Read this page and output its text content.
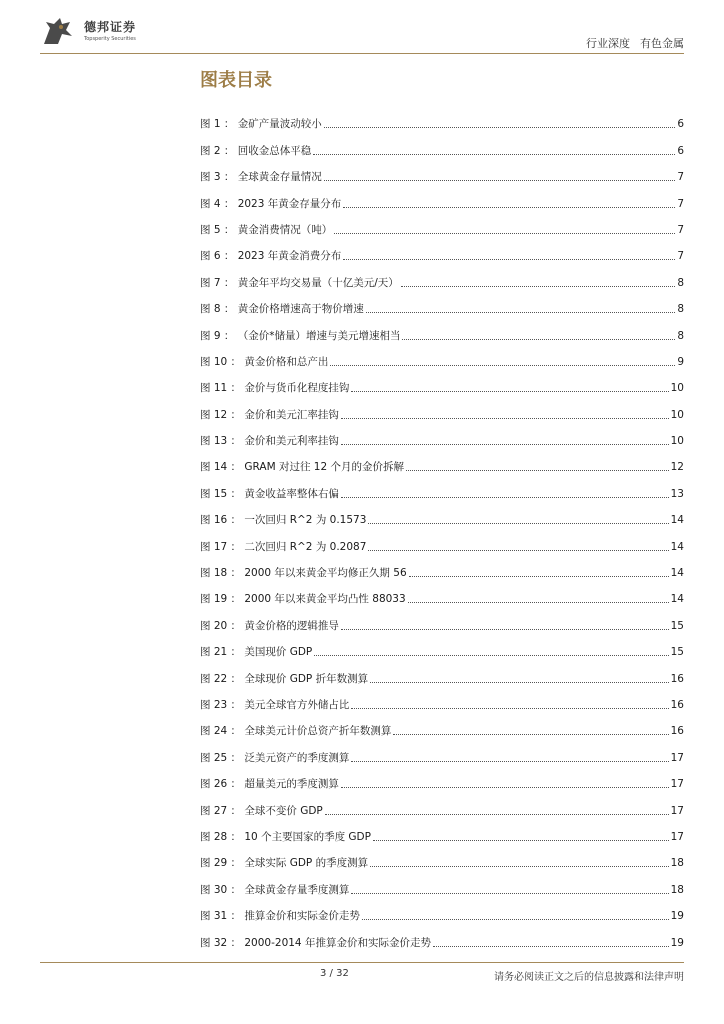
德邦证券
Topsperity Securities	行业深度 有色金属
图表目录
图 1 ： 金矿产量波动较小	6
图 2 ： 回收金总体平稳	6
图 3 ： 全球黄金存量情况	7
图 4 ： 2023 年黄金存量分布	7
图 5 ： 黄金消费情况（吨）	7
图 6 ： 2023 年黄金消费分布	7
图 7 ： 黄金年平均交易量（十亿美元/天）	8
图 8 ： 黄金价格增速高于物价增速	8
图 9 ： （金价*储量）增速与美元增速相当	8
图 10 ： 黄金价格和总产出	9
图 11 ： 金价与货币化程度挂钩	10
图 12 ： 金价和美元汇率挂钩	10
图 13 ： 金价和美元利率挂钩	10
图 14 ： GRAM 对过往 12 个月的金价拆解	12
图 15 ： 黄金收益率整体右偏	13
图 16 ： 一次回归 R^2 为 0.1573	14
图 17 ： 二次回归 R^2 为 0.2087	14
图 18 ： 2000 年以来黄金平均修正久期 56	14
图 19 ： 2000 年以来黄金平均凸性 88033	14
图 20 ： 黄金价格的逻辑推导	15
图 21 ： 美国现价 GDP	15
图 22 ： 全球现价 GDP 折年数测算	16
图 23 ： 美元全球官方外储占比	16
图 24 ： 全球美元计价总资产折年数测算	16
图 25 ： 泛美元资产的季度测算	17
图 26 ： 超量美元的季度测算	17
图 27 ： 全球不变价 GDP	17
图 28 ： 10 个主要国家的季度 GDP	17
图 29 ： 全球实际 GDP 的季度测算	18
图 30 ： 全球黄金存量季度测算	18
图 31 ： 推算金价和实际金价走势	19
图 32 ： 2000-2014 年推算金价和实际金价走势	19
3 / 32	请务必阅读正文之后的信息披露和法律声明
